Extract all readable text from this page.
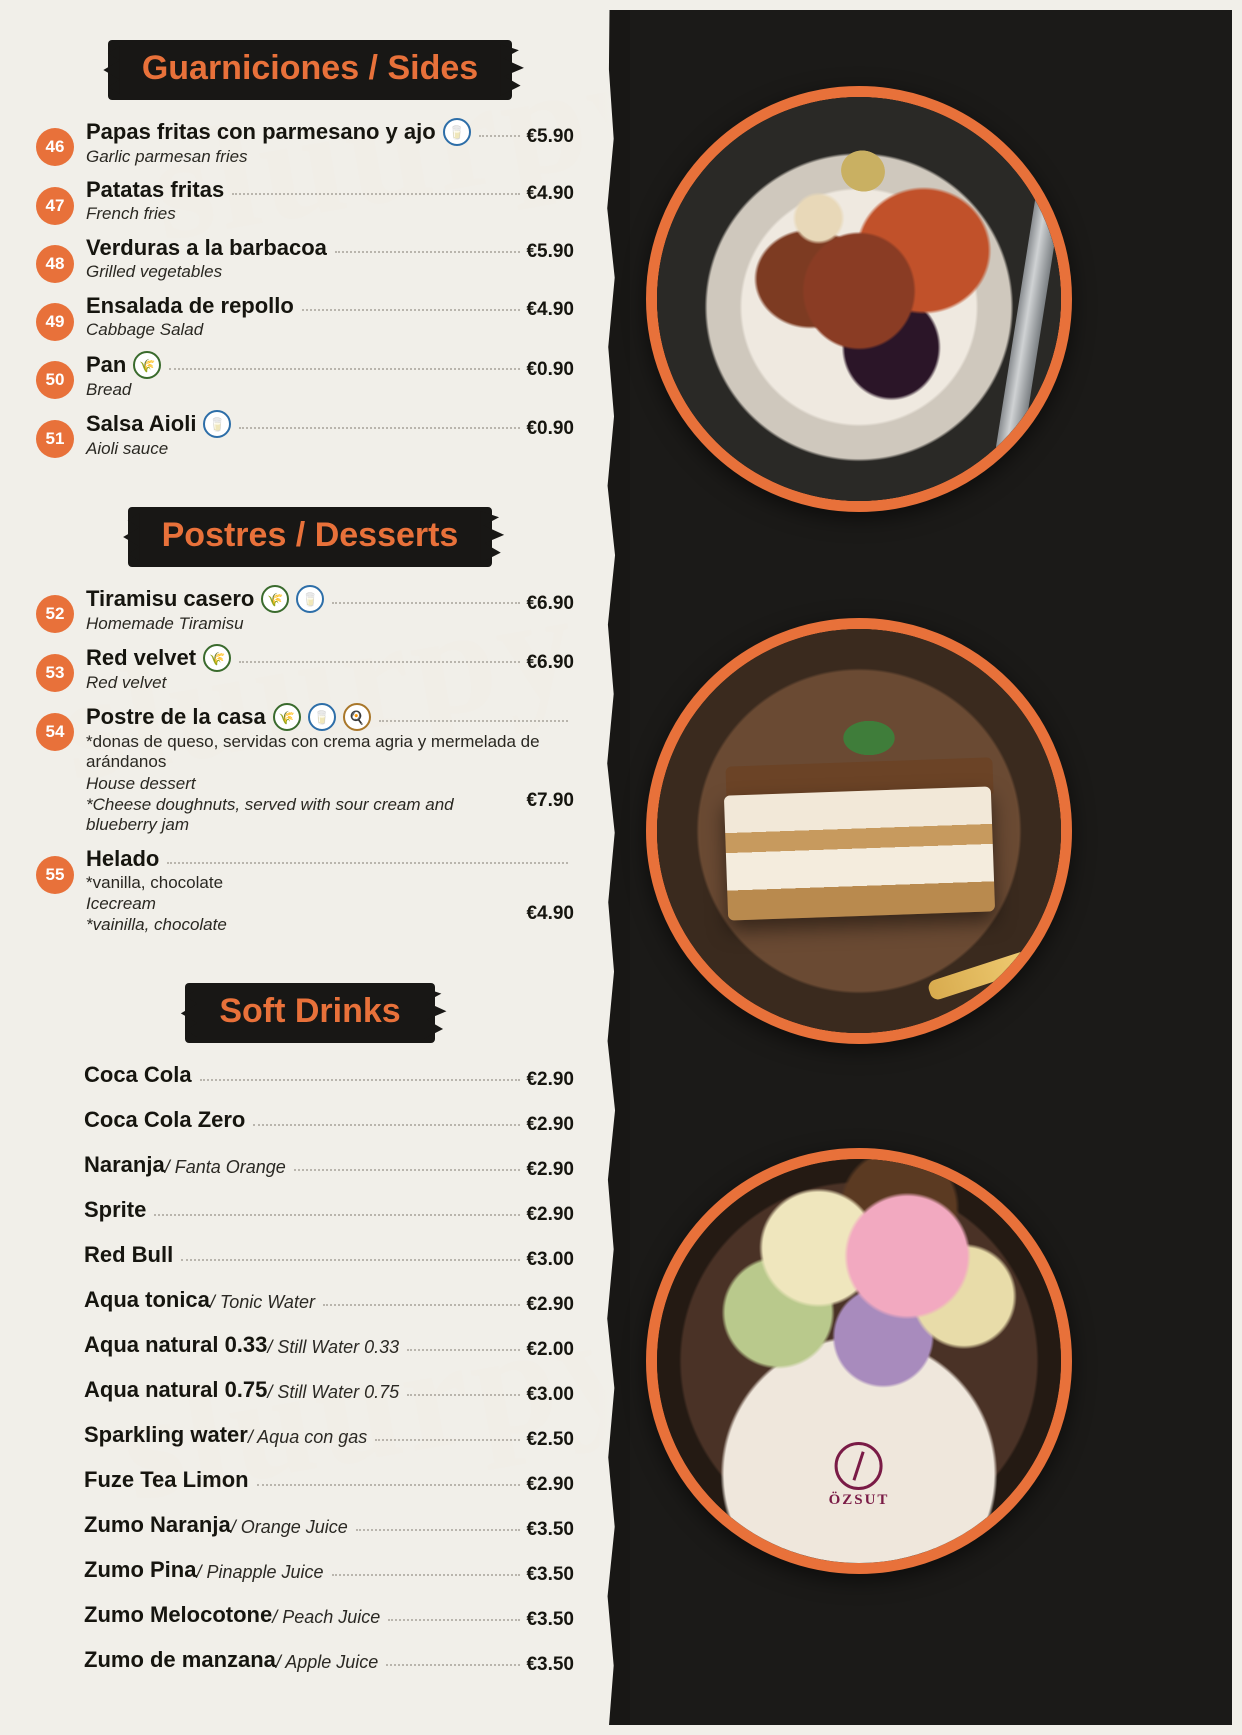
Guarniciones / Sides
46
Papas fritas con parmesano y ajo 🥛	€5.90
Garlic parmesan fries
47
Patatas fritas	€4.90
French fries
48
Verduras a la barbacoa	€5.90
Grilled vegetables
49
Ensalada de repollo	€4.90
Cabbage Salad
50
Pan 🌾	€0.90
Bread
51
Salsa Aioli 🥛	€0.90
Aioli sauce
Postres / Desserts
52
Tiramisu casero 🌾	🥛	€6.90
Homemade Tiramisu
53
Red velvet 🌾	€6.90
Red velvet
54
Postre de la casa 🌾	🥛	🍳
*donas de queso, servidas con crema agria y mermelada de arándanos
House dessert
*Cheese doughnuts, served with sour cream and blueberry jam
€7.90
55
Helado
*vanilla, chocolate
Icecream
*vainilla, chocolate
€4.90
Soft Drinks
Coca Cola	€2.90
Coca Cola Zero	€2.90
Naranja / Fanta Orange	€2.90
Sprite	€2.90
Red Bull	€3.00
Aqua tonica / Tonic Water	€2.90
Aqua natural 0.33 / Still Water 0.33	€2.00
Aqua natural 0.75 / Still Water 0.75	€3.00
Sparkling water / Aqua con gas	€2.50
Fuze Tea Limon	€2.90
Zumo Naranja / Orange Juice	€3.50
Zumo Pina / Pinapple Juice	€3.50
Zumo Melocotone / Peach Juice	€3.50
Zumo de manzana / Apple Juice	€3.50
ÖZSUT
